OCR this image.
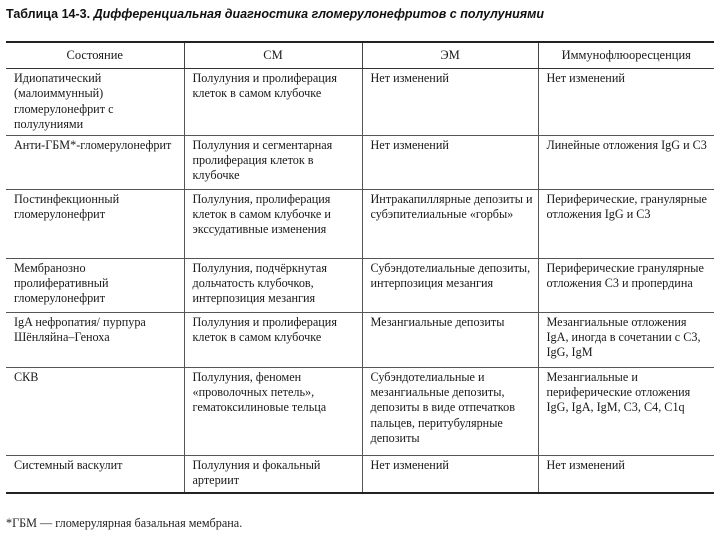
Таблица 14-3. Дифференциальная диагностика гломерулонефритов с полулуниями
Состояние	СМ	ЭМ	Иммунофлюоресценция

Идиопатический (малоиммунный) гломерулонефрит с полулуниями	Полулуния и пролиферация клеток в самом клубочке	Нет изменений	Нет изменений

Анти-ГБМ*-гломерулонефрит	Полулуния и сегментарная пролиферация клеток в клубочке	Нет изменений	Линейные отложения IgG и C3

Постинфекционный гломерулонефрит	Полулуния, пролиферация клеток в самом клубочке и экссудативные изменения	Интракапиллярные депозиты и субэпителиальные «горбы»	Периферические, гранулярные отложения IgG и C3

Мембранозно пролиферативный гломерулонефрит	Полулуния, подчёркнутая дольчатость клубочков, интерпозиция мезангия	Субэндотелиальные депозиты, интерпозиция мезангия	Периферические гранулярные отложения C3 и пропердина

IgA нефропатия/ пурпура Шёнляйна–Геноха	Полулуния и пролиферация клеток в самом клубочке	Мезангиальные депозиты	Мезангиальные отложения IgA, иногда в сочетании с C3, IgG, IgM

СКВ	Полулуния, феномен «проволочных петель», гематоксилиновые тельца	Субэндотелиальные и мезангиальные депозиты, депозиты в виде отпечатков пальцев, перитубулярные депозиты	Мезангиальные и периферические отложения IgG, IgA, IgM, C3, C4, C1q

Системный васкулит	Полулуния и фокальный артериит	Нет изменений	Нет изменений
*ГБМ — гломерулярная базальная мембрана.
